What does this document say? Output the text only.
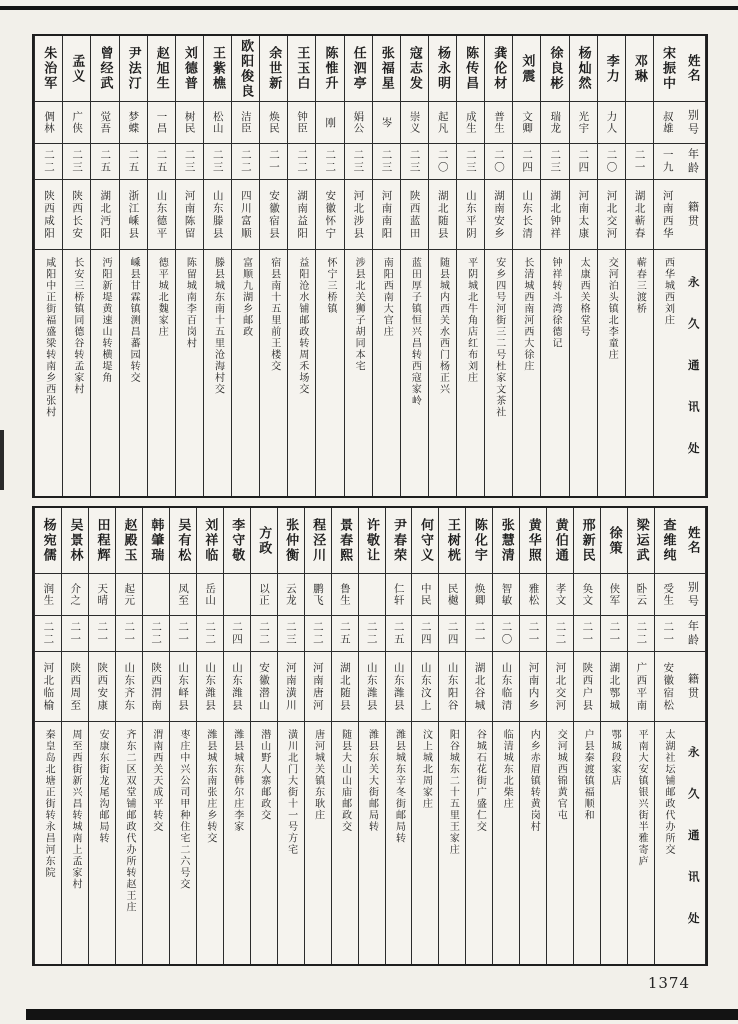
姓名
别号
年龄
籍贯
永久通讯处
宋振中
叔雄
一九
河南西华
西华城西刘庄
邓琳
二一
湖北蕲春
蕲春三渡桥
李力
力人
二〇
河北交河
交河泊头镇北李童庄
杨灿然
光宇
二四
河南太康
太康西关格堂号
徐良彬
瑞龙
二三
湖北钟祥
钟祥转斗湾徐德记
刘震
文卿
二四
山东长清
长清城西南河西大徐庄
龚伦材
普生
二〇
湖南安乡
安乡四号河街三二号杜家文茶社
陈传昌
成生
二三
山东平阴
平阴城北牛角店红布刘庄
杨永明
起凡
二〇
湖北随县
随县城内西关水西门杨正兴
寇志发
崇义
二三
陕西蓝田
蓝田厚子镇恒兴昌转西寇家岭
张福星
岑
二三
河南南阳
南阳西南大官庄
任泗亭
娟公
二三
河北涉县
涉县北关狮子胡同本宅
陈惟升
刚
二二
安徽怀宁
怀宁三桥镇
王玉白
钟臣
二二
湖南益阳
益阳沧水铺邮政转周禾场交
余世新
焕民
二一
安徽宿县
宿县南十五里前王楼交
欧阳俊良
洁臣
二二
四川富顺
富顺九湖乡邮政
王紫樵
松山
二三
山东滕县
滕县城东南十五里沧海村交
刘德普
树民
二三
河南陈留
陈留城南李百岗村
赵旭生
一昌
二五
山东德平
德平城北魏家庄
尹法汀
梦蝶
二五
浙江嵊县
嵊县甘霖镇测昌蕃园转交
曾经武
觉吾
二五
湖北沔阳
沔阳新堤黄速山转横堤角
孟义
广侠
二三
陕西长安
长安三桥镇同德谷转孟家村
朱治军
倜林
二二
陕西咸阳
咸阳中正街福盛梁转南乡西张村
姓名
别号
年龄
籍贯
永久通讯处
查维纯
受生
二一
安徽宿松
太湖社坛铺邮政代办所交
梁运武
卧云
二二
广西平南
平南大安镇银兴街半雅寄庐
徐策
侠军
二一
湖北鄂城
鄂城段家店
邢新民
奂文
二一
陕西户县
户县秦渡镇福顺和
黄伯通
孝文
二二
河北交河
交河城西锦黄官屯
黄华照
雅松
二一
河南内乡
内乡赤眉镇转黄岗村
张慧清
智敏
二〇
山东临清
临清城东北柴庄
陈化宇
焕卿
二一
湖北谷城
谷城石花街广盛仁交
王树桄
民樾
二四
山东阳谷
阳谷城东二十五里王家庄
何守义
中民
二四
山东汶上
汶上城北周家庄
尹春荣
仁轩
二五
山东潍县
潍县城东辛冬街邮局转
许敬让
二二
山东潍县
潍县东关大街邮局转
景春熙
鲁生
二五
湖北随县
随县大山山庙邮政交
程泾川
鹏飞
二二
河南唐河
唐河城关镇东耿庄
张仲衡
云龙
二三
河南潢川
潢川北门大街十一号方宅
方政
以正
二二
安徽潜山
潜山野人寨邮政交
李守敬
二四
山东潍县
潍县城东韩尔庄李家
刘祥临
岳山
二二
山东潍县
潍县城东南张庄乡转交
吴有松
凤至
二一
山东峄县
枣庄中兴公司甲种住宅二六号交
韩肇瑞
二二
陕西渭南
渭南西关天成平转交
赵殿玉
起元
二一
山东齐东
齐东二区双堂铺邮政代办所转赵王庄
田程辉
天晴
二一
陕西安康
安康东街龙尾沟邮局转
吴景林
介之
二一
陕西周至
周至西街新兴昌转城南上孟家村
杨宛儒
润生
二二
河北临榆
秦皇岛北塘正街转永昌河东院
1374
